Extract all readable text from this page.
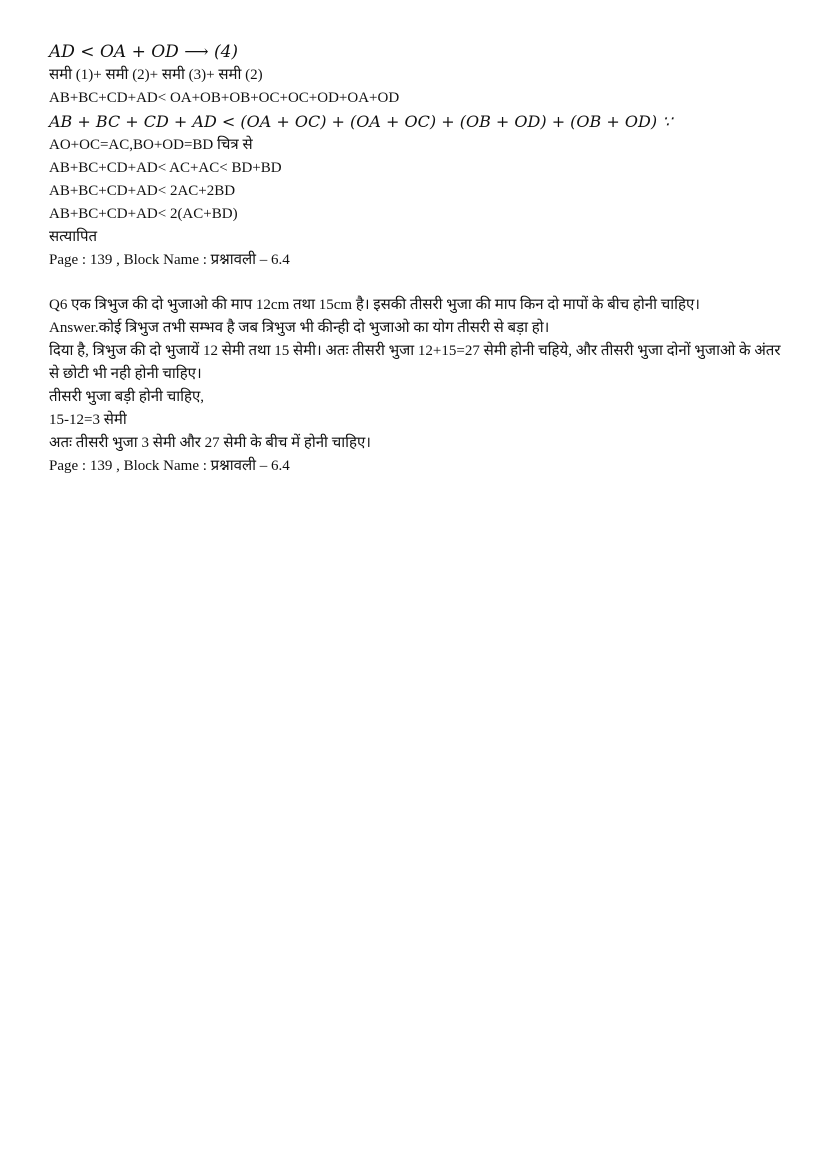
AD < OA + OD ⟶ (4)
समी (1)+ समी (2)+ समी (3)+ समी (2)
AB+BC+CD+AD< OA+OB+OB+OC+OC+OD+OA+OD
AB + BC + CD + AD < (OA + OC) + (OA + OC) + (OB + OD) + (OB + OD) ∵
AO+OC=AC,BO+OD=BD चित्र से
AB+BC+CD+AD< AC+AC< BD+BD
AB+BC+CD+AD< 2AC+2BD
AB+BC+CD+AD< 2(AC+BD)
सत्यापित
Page : 139 , Block Name : प्रश्नावली – 6.4
Q6 एक त्रिभुज की दो भुजाओ की माप 12cm तथा 15cm है। इसकी तीसरी भुजा की माप किन दो मापों के बीच होनी चाहिए।
Answer.कोई त्रिभुज तभी सम्भव है जब त्रिभुज भी कीन्ही दो भुजाओ का योग तीसरी से बड़ा हो।
दिया है, त्रिभुज की दो भुजायें 12 सेमी तथा 15 सेमी। अतः तीसरी भुजा 12+15=27 सेमी होनी चहिये, और तीसरी भुजा दोनों भुजाओ के अंतर से छोटी भी नही होनी चाहिए।
तीसरी भुजा बड़ी होनी चाहिए,
15-12=3 सेमी
अतः तीसरी भुजा 3 सेमी और 27 सेमी के बीच में होनी चाहिए।
Page : 139 , Block Name : प्रश्नावली – 6.4
